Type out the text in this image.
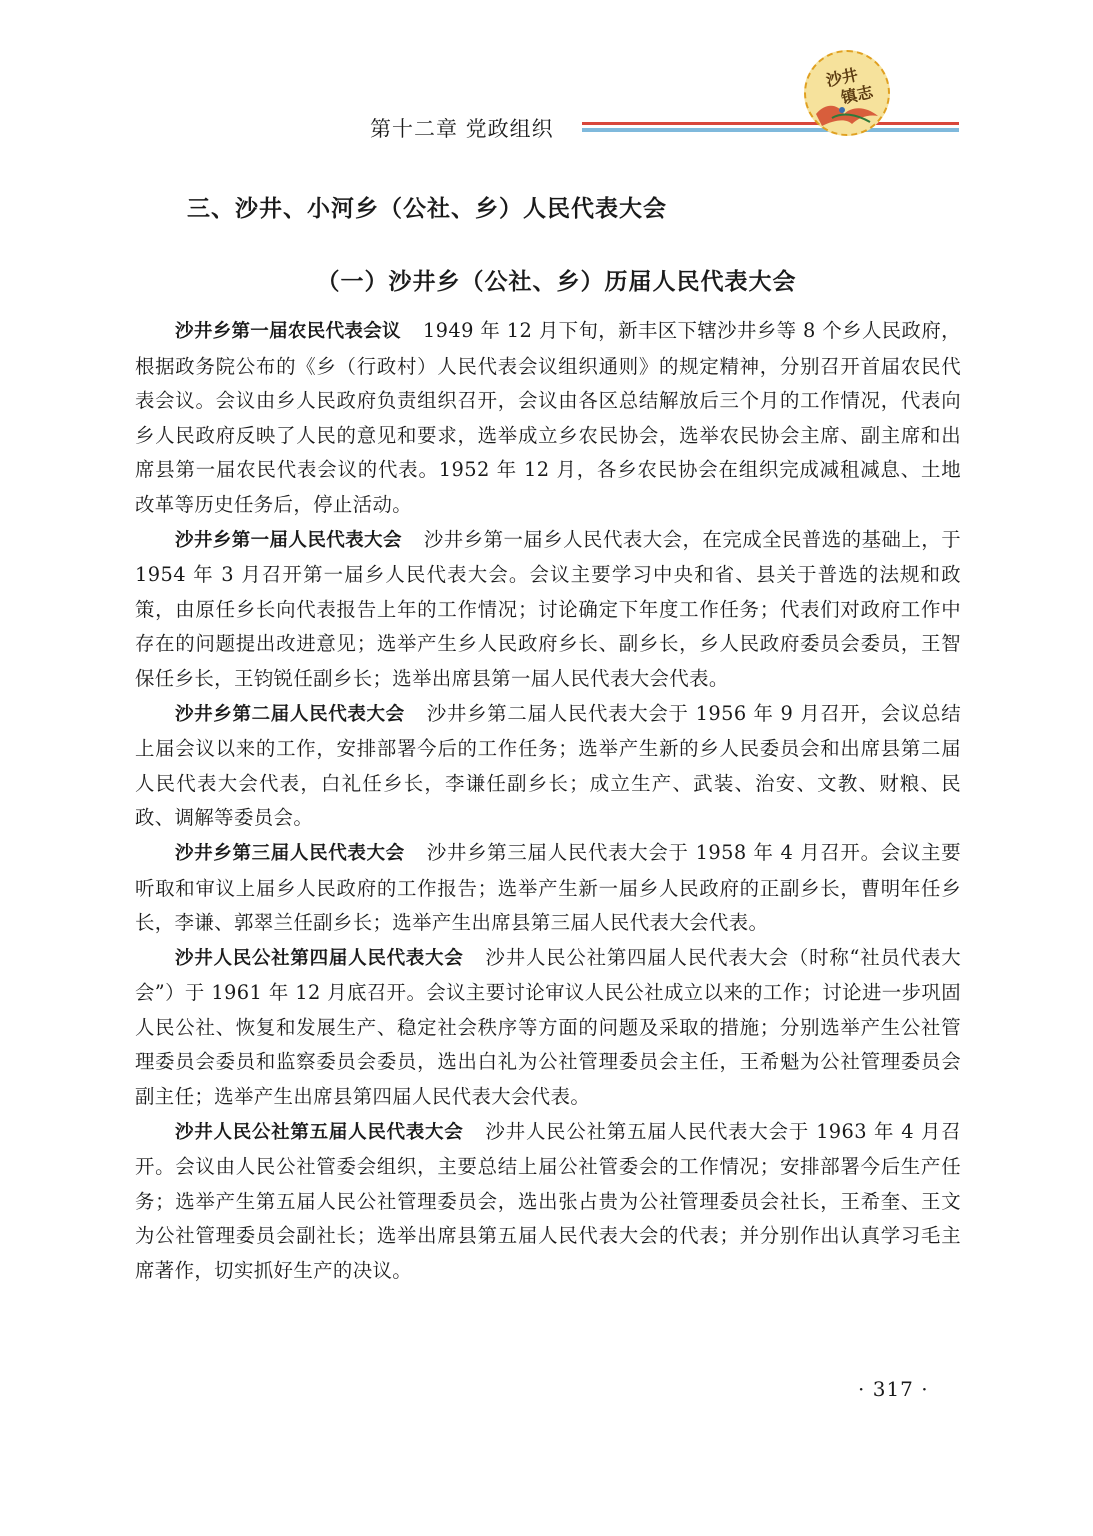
第十二章 党政组织
沙井
镇志
三、沙井、小河乡（公社、乡）人民代表大会
（一）沙井乡（公社、乡）历届人民代表大会

沙井乡第一届农民代表会议 1949 年 12 月下旬，新丰区下辖沙井乡等 8 个乡人民政府，根据政务院公布的《乡（行政村）人民代表会议组织通则》的规定精神，分别召开首届农民代表会议。会议由乡人民政府负责组织召开，会议由各区总结解放后三个月的工作情况，代表向乡人民政府反映了人民的意见和要求，选举成立乡农民协会，选举农民协会主席、副主席和出席县第一届农民代表会议的代表。1952 年 12 月，各乡农民协会在组织完成减租减息、土地改革等历史任务后，停止活动。

沙井乡第一届人民代表大会 沙井乡第一届乡人民代表大会，在完成全民普选的基础上，于 1954 年 3 月召开第一届乡人民代表大会。会议主要学习中央和省、县关于普选的法规和政策，由原任乡长向代表报告上年的工作情况；讨论确定下年度工作任务；代表们对政府工作中存在的问题提出改进意见；选举产生乡人民政府乡长、副乡长，乡人民政府委员会委员，王智保任乡长，王钧锐任副乡长；选举出席县第一届人民代表大会代表。

沙井乡第二届人民代表大会 沙井乡第二届人民代表大会于 1956 年 9 月召开，会议总结上届会议以来的工作，安排部署今后的工作任务；选举产生新的乡人民委员会和出席县第二届人民代表大会代表，白礼任乡长，李谦任副乡长；成立生产、武装、治安、文教、财粮、民政、调解等委员会。

沙井乡第三届人民代表大会 沙井乡第三届人民代表大会于 1958 年 4 月召开。会议主要听取和审议上届乡人民政府的工作报告；选举产生新一届乡人民政府的正副乡长，曹明年任乡长，李谦、郭翠兰任副乡长；选举产生出席县第三届人民代表大会代表。

沙井人民公社第四届人民代表大会 沙井人民公社第四届人民代表大会（时称“社员代表大会”）于 1961 年 12 月底召开。会议主要讨论审议人民公社成立以来的工作；讨论进一步巩固人民公社、恢复和发展生产、稳定社会秩序等方面的问题及采取的措施；分别选举产生公社管理委员会委员和监察委员会委员，选出白礼为公社管理委员会主任，王希魁为公社管理委员会副主任；选举产生出席县第四届人民代表大会代表。

沙井人民公社第五届人民代表大会 沙井人民公社第五届人民代表大会于 1963 年 4 月召开。会议由人民公社管委会组织，主要总结上届公社管委会的工作情况；安排部署今后生产任务；选举产生第五届人民公社管理委员会，选出张占贵为公社管理委员会社长，王希奎、王文为公社管理委员会副社长；选举出席县第五届人民代表大会的代表；并分别作出认真学习毛主席著作，切实抓好生产的决议。

· 317 ·
